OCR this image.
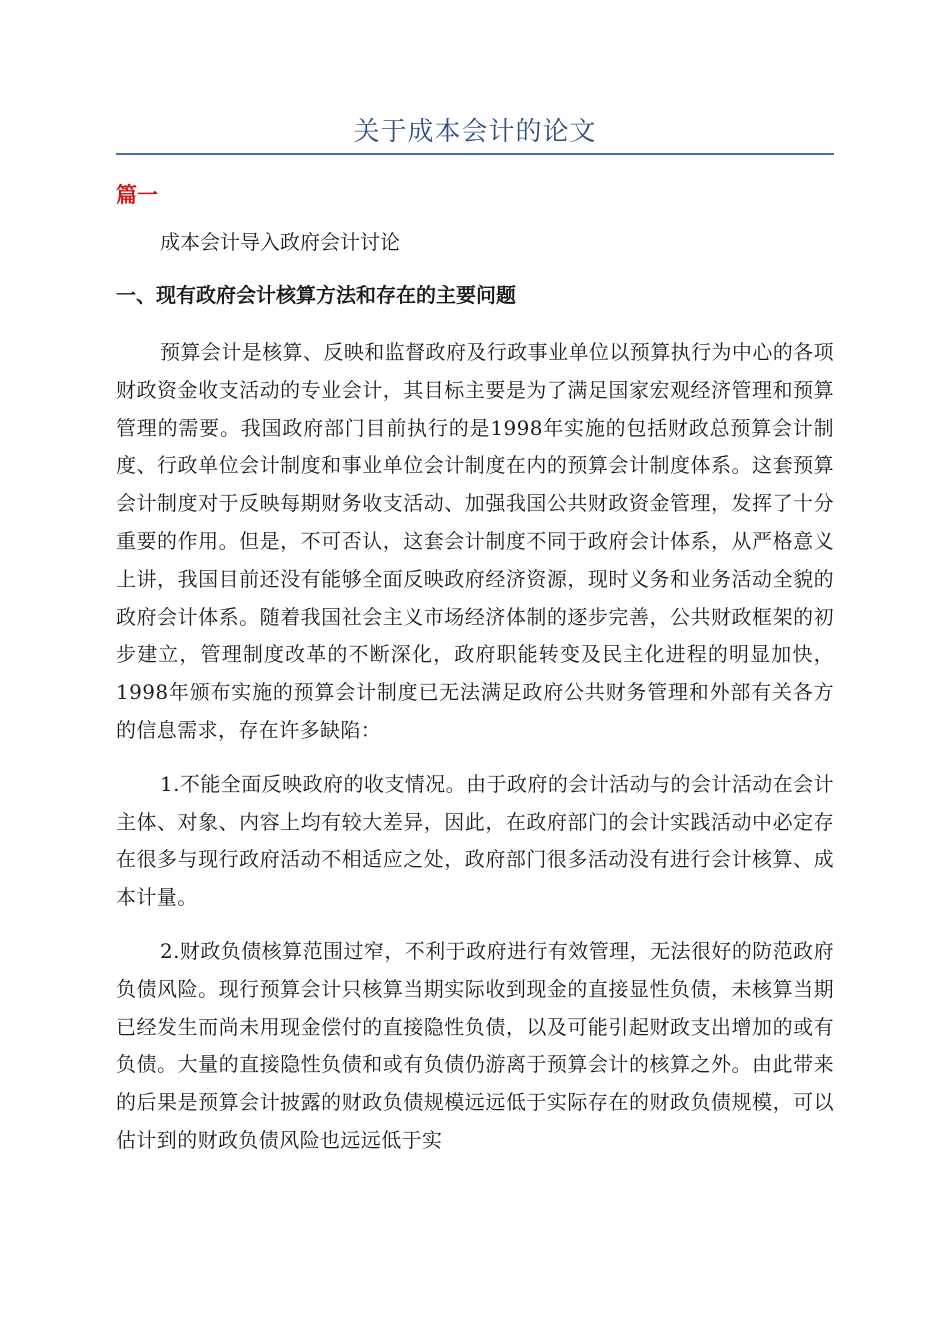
关于成本会计的论文
篇一
成本会计导入政府会计讨论
一、现有政府会计核算方法和存在的主要问题

预算会计是核算、反映和监督政府及行政事业单位以预算执行为中心的各项财政资金收支活动的专业会计，其目标主要是为了满足国家宏观经济管理和预算管理的需要。我国政府部门目前执行的是1998年实施的包括财政总预算会计制度、行政单位会计制度和事业单位会计制度在内的预算会计制度体系。这套预算会计制度对于反映每期财务收支活动、加强我国公共财政资金管理，发挥了十分重要的作用。但是，不可否认，这套会计制度不同于政府会计体系，从严格意义上讲，我国目前还没有能够全面反映政府经济资源，现时义务和业务活动全貌的政府会计体系。随着我国社会主义市场经济体制的逐步完善，公共财政框架的初步建立，管理制度改革的不断深化，政府职能转变及民主化进程的明显加快，1998年颁布实施的预算会计制度已无法满足政府公共财务管理和外部有关各方的信息需求，存在许多缺陷：

1.不能全面反映政府的收支情况。由于政府的会计活动与的会计活动在会计主体、对象、内容上均有较大差异，因此，在政府部门的会计实践活动中必定存在很多与现行政府活动不相适应之处，政府部门很多活动没有进行会计核算、成本计量。

2.财政负债核算范围过窄，不利于政府进行有效管理，无法很好的防范政府负债风险。现行预算会计只核算当期实际收到现金的直接显性负债，未核算当期已经发生而尚未用现金偿付的直接隐性负债，以及可能引起财政支出增加的或有负债。大量的直接隐性负债和或有负债仍游离于预算会计的核算之外。由此带来的后果是预算会计披露的财政负债规模远远低于实际存在的财政负债规模，可以估计到的财政负债风险也远远低于实
